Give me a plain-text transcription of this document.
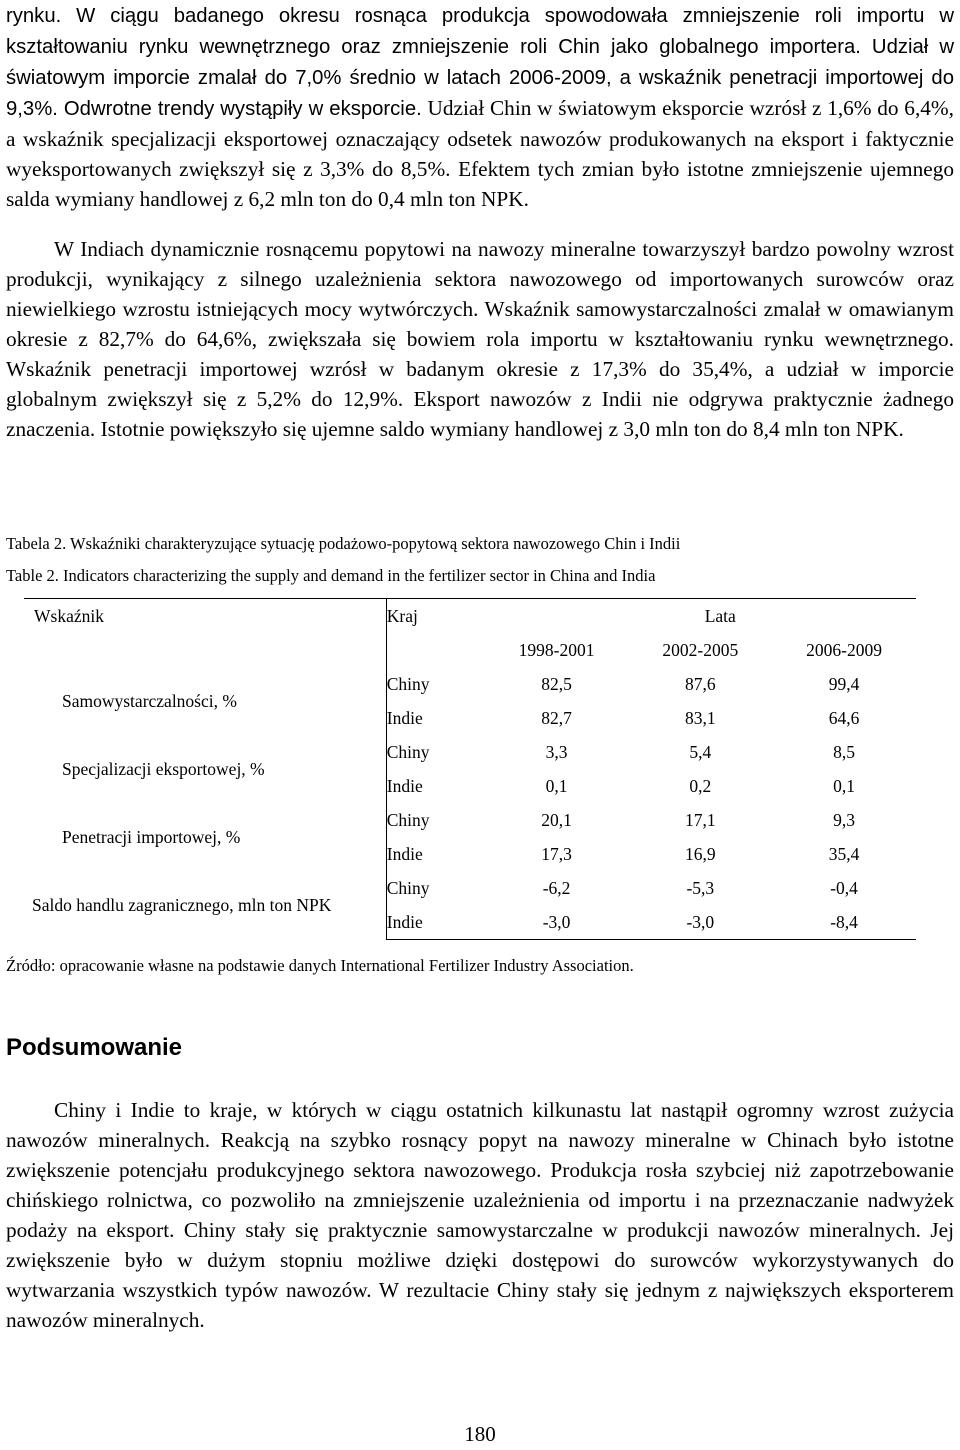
rynku. W ciągu badanego okresu rosnąca produkcja spowodowała zmniejszenie roli importu w kształtowaniu rynku wewnętrznego oraz zmniejszenie roli Chin jako globalnego importera. Udział w światowym imporcie zmalał do 7,0% średnio w latach 2006-2009, a wskaźnik penetracji importowej do 9,3%. Odwrotne trendy wystąpiły w eksporcie. Udział Chin w światowym eksporcie wzrósł z 1,6% do 6,4%, a wskaźnik specjalizacji eksportowej oznaczający odsetek nawozów produkowanych na eksport i faktycznie wyeksportowanych zwiększył się z 3,3% do 8,5%. Efektem tych zmian było istotne zmniejszenie ujemnego salda wymiany handlowej z 6,2 mln ton do 0,4 mln ton NPK.
W Indiach dynamicznie rosnącemu popytowi na nawozy mineralne towarzyszył bardzo powolny wzrost produkcji, wynikający z silnego uzależnienia sektora nawozowego od importowanych surowców oraz niewielkiego wzrostu istniejących mocy wytwórczych. Wskaźnik samowystarczalności zmalał w omawianym okresie z 82,7% do 64,6%, zwiększała się bowiem rola importu w kształtowaniu rynku wewnętrznego. Wskaźnik penetracji importowej wzrósł w badanym okresie z 17,3% do 35,4%, a udział w imporcie globalnym zwiększył się z 5,2% do 12,9%. Eksport nawozów z Indii nie odgrywa praktycznie żadnego znaczenia. Istotnie powiększyło się ujemne saldo wymiany handlowej z 3,0 mln ton do 8,4 mln ton NPK.
Tabela 2. Wskaźniki charakteryzujące sytuację podażowo-popytową sektora nawozowego Chin i Indii
Table 2. Indicators characterizing the supply and demand in the fertilizer sector in China and India
Wskaźnik	Kraj	Lata		
		1998-2001	2002-2005	2006-2009
Samowystarczalności, %	Chiny	82,5	87,6	99,4
	Indie	82,7	83,1	64,6
Specjalizacji eksportowej, %	Chiny	3,3	5,4	8,5
	Indie	0,1	0,2	0,1
Penetracji importowej, %	Chiny	20,1	17,1	9,3
	Indie	17,3	16,9	35,4
Saldo handlu zagranicznego, mln ton NPK	Chiny	-6,2	-5,3	-0,4
	Indie	-3,0	-3,0	-8,4
Źródło: opracowanie własne na podstawie danych International Fertilizer Industry Association.
Podsumowanie
Chiny i Indie to kraje, w których w ciągu ostatnich kilkunastu lat nastąpił ogromny wzrost zużycia nawozów mineralnych. Reakcją na szybko rosnący popyt na nawozy mineralne w Chinach było istotne zwiększenie potencjału produkcyjnego sektora nawozowego. Produkcja rosła szybciej niż zapotrzebowanie chińskiego rolnictwa, co pozwoliło na zmniejszenie uzależnienia od importu i na przeznaczanie nadwyżek podaży na eksport. Chiny stały się praktycznie samowystarczalne w produkcji nawozów mineralnych. Jej zwiększenie było w dużym stopniu możliwe dzięki dostępowi do surowców wykorzystywanych do wytwarzania wszystkich typów nawozów. W rezultacie Chiny stały się jednym z największych eksporterem nawozów mineralnych.
180
